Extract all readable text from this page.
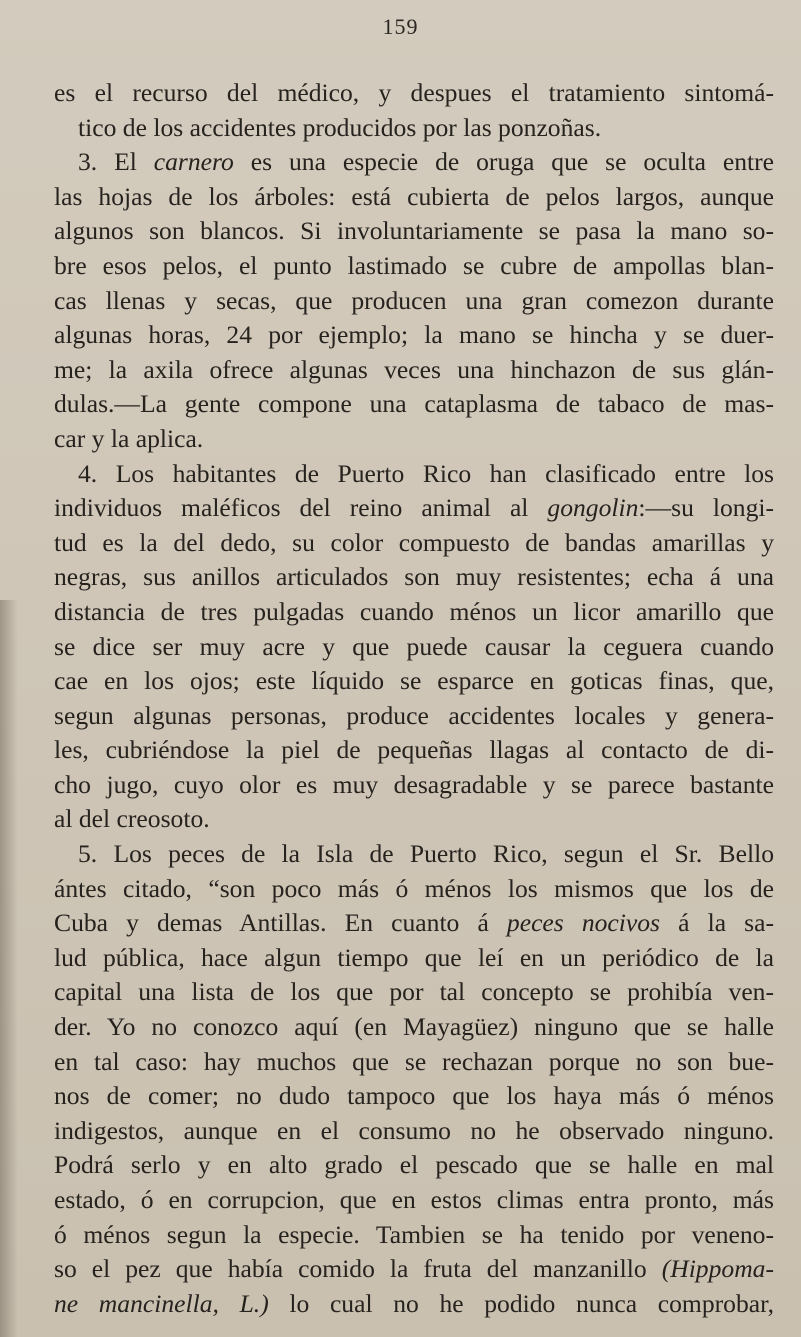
159
es el recurso del médico, y despues el tratamiento sintomá-
tico de los accidentes producidos por las ponzoñas.
3. El carnero es una especie de oruga que se oculta entre
las hojas de los árboles: está cubierta de pelos largos, aunque
algunos son blancos. Si involuntariamente se pasa la mano so-
bre esos pelos, el punto lastimado se cubre de ampollas blan-
cas llenas y secas, que producen una gran comezon durante
algunas horas, 24 por ejemplo; la mano se hincha y se duer-
me; la axila ofrece algunas veces una hinchazon de sus glán-
dulas.—La gente compone una cataplasma de tabaco de mas-
car y la aplica.
4. Los habitantes de Puerto Rico han clasificado entre los
individuos maléficos del reino animal al gongolin:—su longi-
tud es la del dedo, su color compuesto de bandas amarillas y
negras, sus anillos articulados son muy resistentes; echa á una
distancia de tres pulgadas cuando ménos un licor amarillo que
se dice ser muy acre y que puede causar la ceguera cuando
cae en los ojos; este líquido se esparce en goticas finas, que,
segun algunas personas, produce accidentes locales y genera-
les, cubriéndose la piel de pequeñas llagas al contacto de di-
cho jugo, cuyo olor es muy desagradable y se parece bastante
al del creosoto.
5. Los peces de la Isla de Puerto Rico, segun el Sr. Bello
ántes citado, “son poco más ó ménos los mismos que los de
Cuba y demas Antillas. En cuanto á peces nocivos á la sa-
lud pública, hace algun tiempo que leí en un periódico de la
capital una lista de los que por tal concepto se prohibía ven-
der. Yo no conozco aquí (en Mayagüez) ninguno que se halle
en tal caso: hay muchos que se rechazan porque no son bue-
nos de comer; no dudo tampoco que los haya más ó ménos
indigestos, aunque en el consumo no he observado ninguno.
Podrá serlo y en alto grado el pescado que se halle en mal
estado, ó en corrupcion, que en estos climas entra pronto, más
ó ménos segun la especie. Tambien se ha tenido por veneno-
so el pez que había comido la fruta del manzanillo (Hippoma-
ne mancinella, L.) lo cual no he podido nunca comprobar,
